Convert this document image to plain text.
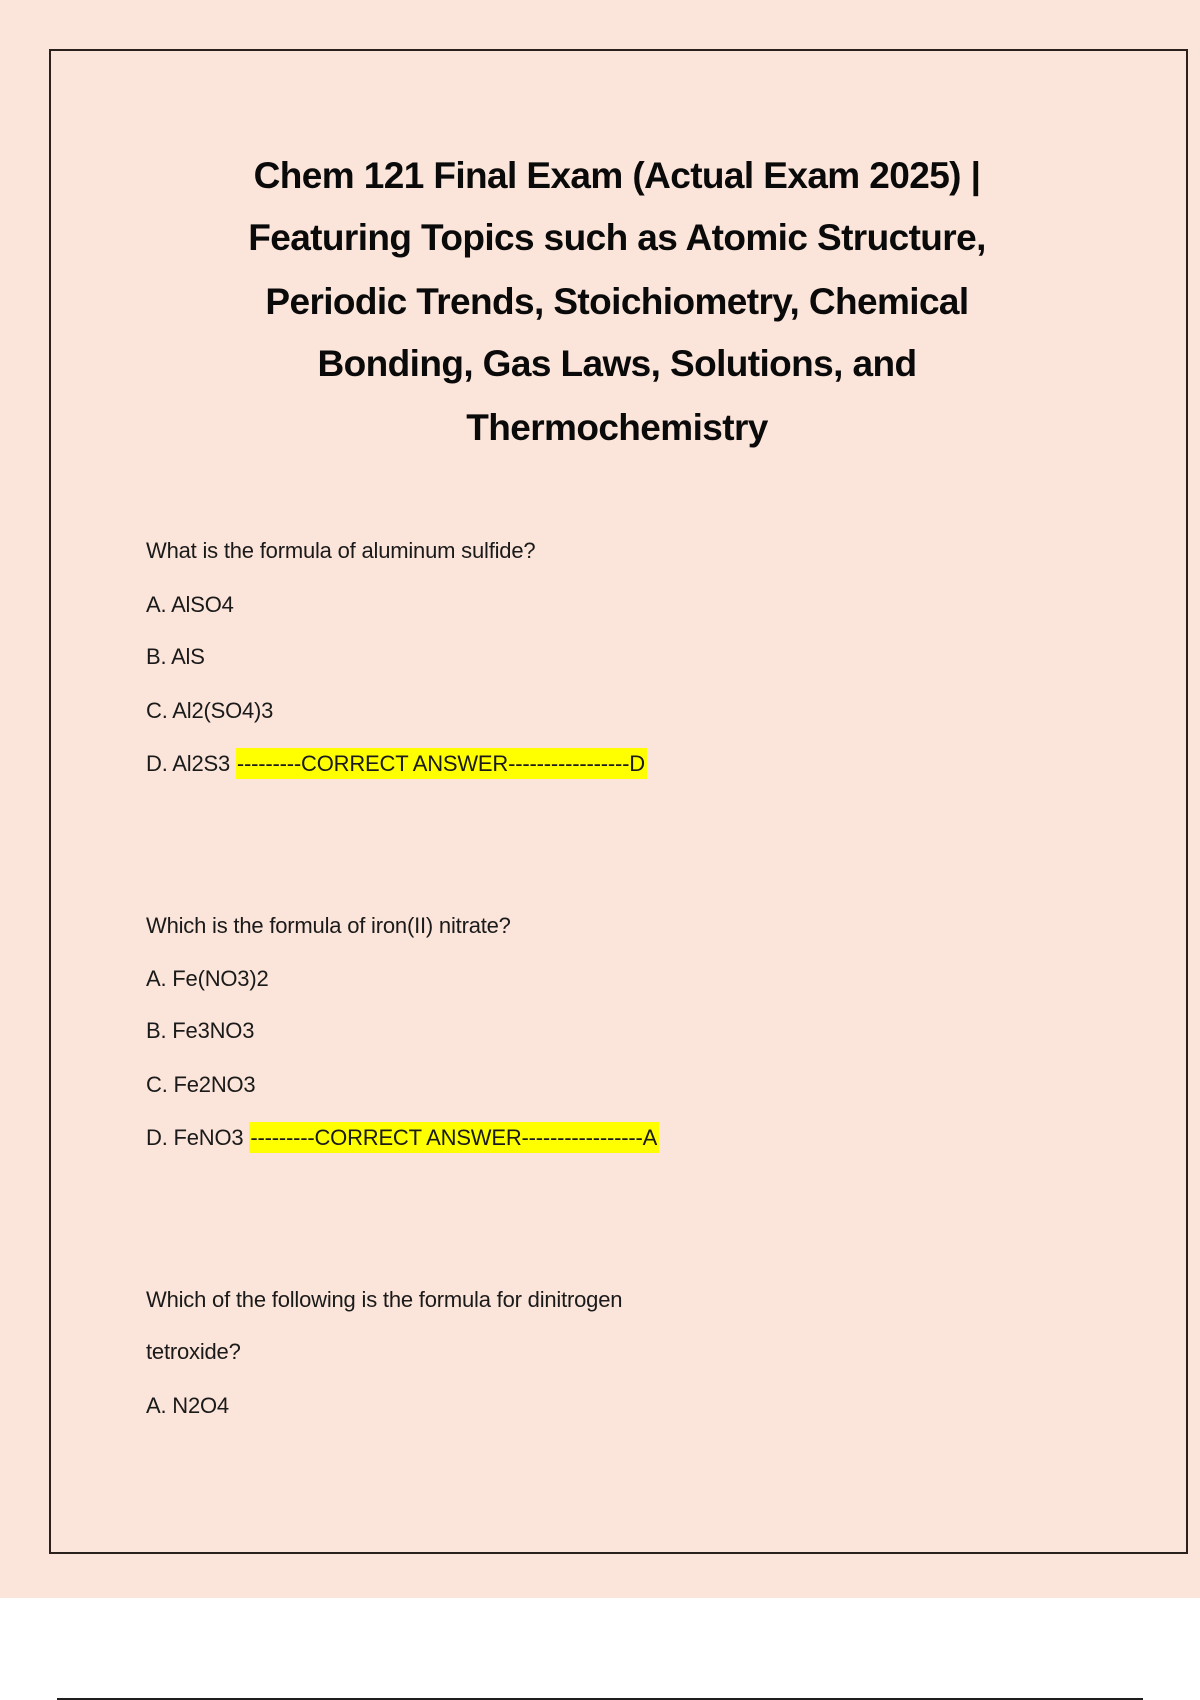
Chem 121 Final Exam (Actual Exam 2025) |
Featuring Topics such as Atomic Structure,
Periodic Trends, Stoichiometry, Chemical
Bonding, Gas Laws, Solutions, and
Thermochemistry
What is the formula of aluminum sulfide?
A. AlSO4
B. AlS
C. Al2(SO4)3
D. Al2S3 ---------CORRECT ANSWER-----------------D
Which is the formula of iron(II) nitrate?
A. Fe(NO3)2
B. Fe3NO3
C. Fe2NO3
D. FeNO3 ---------CORRECT ANSWER-----------------A
Which of the following is the formula for dinitrogen
tetroxide?
A. N2O4
